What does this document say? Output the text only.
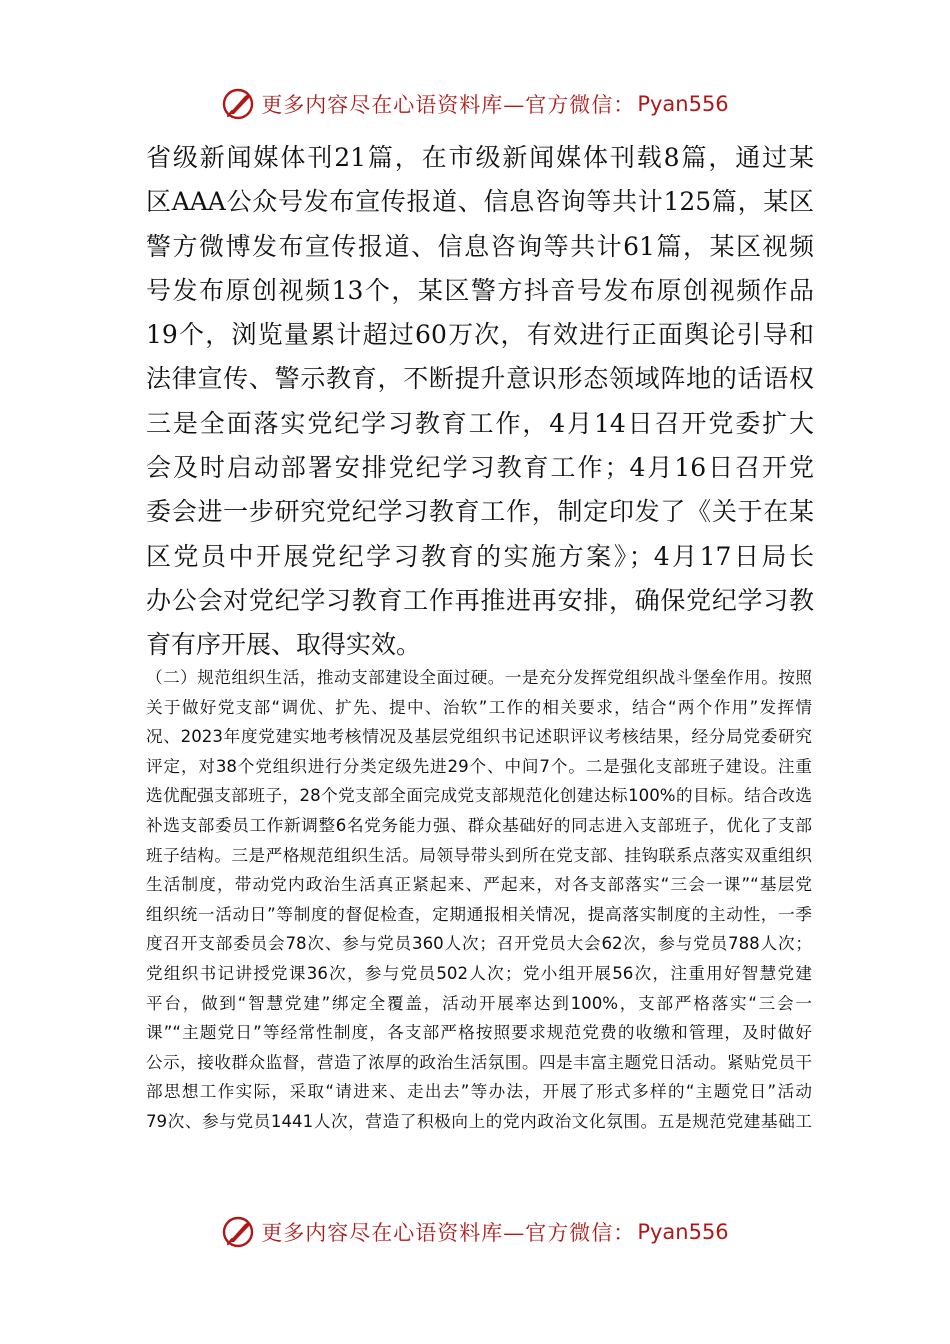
更多内容尽在心语资料库—官方微信： Pyan556
省级新闻媒体刊21篇，在市级新闻媒体刊载8篇，通过某
区AAA公众号发布宣传报道、信息咨询等共计125篇，某区
警方微博发布宣传报道、信息咨询等共计61篇，某区视频
号发布原创视频13个，某区警方抖音号发布原创视频作品
19个，浏览量累计超过60万次，有效进行正面舆论引导和
法律宣传、警示教育，不断提升意识形态领域阵地的话语权
三是全面落实党纪学习教育工作，4月14日召开党委扩大
会及时启动部署安排党纪学习教育工作；4月16日召开党
委会进一步研究党纪学习教育工作，制定印发了《关于在某
区党员中开展党纪学习教育的实施方案》；4月17日局长
办公会对党纪学习教育工作再推进再安排，确保党纪学习教
育有序开展、取得实效。
（二）规范组织生活，推动支部建设全面过硬。一是充分发挥党组织战斗堡垒作用。按照
关于做好党支部“调优、扩先、提中、治软”工作的相关要求，结合“两个作用”发挥情
况、2023年度党建实地考核情况及基层党组织书记述职评议考核结果，经分局党委研究
评定，对38个党组织进行分类定级先进29个、中间7个。二是强化支部班子建设。注重
选优配强支部班子，28个党支部全面完成党支部规范化创建达标100%的目标。结合改选
补选支部委员工作新调整6名党务能力强、群众基础好的同志进入支部班子，优化了支部
班子结构。三是严格规范组织生活。局领导带头到所在党支部、挂钩联系点落实双重组织
生活制度，带动党内政治生活真正紧起来、严起来，对各支部落实“三会一课”“基层党
组织统一活动日”等制度的督促检查，定期通报相关情况，提高落实制度的主动性，一季
度召开支部委员会78次、参与党员360人次；召开党员大会62次，参与党员788人次；
党组织书记讲授党课36次，参与党员502人次；党小组开展56次，注重用好智慧党建
平台，做到“智慧党建”绑定全覆盖，活动开展率达到100%，支部严格落实“三会一
课”“主题党日”等经常性制度，各支部严格按照要求规范党费的收缴和管理，及时做好
公示，接收群众监督，营造了浓厚的政治生活氛围。四是丰富主题党日活动。紧贴党员干
部思想工作实际，采取“请进来、走出去”等办法，开展了形式多样的“主题党日”活动
79次、参与党员1441人次，营造了积极向上的党内政治文化氛围。五是规范党建基础工
更多内容尽在心语资料库—官方微信： Pyan556
